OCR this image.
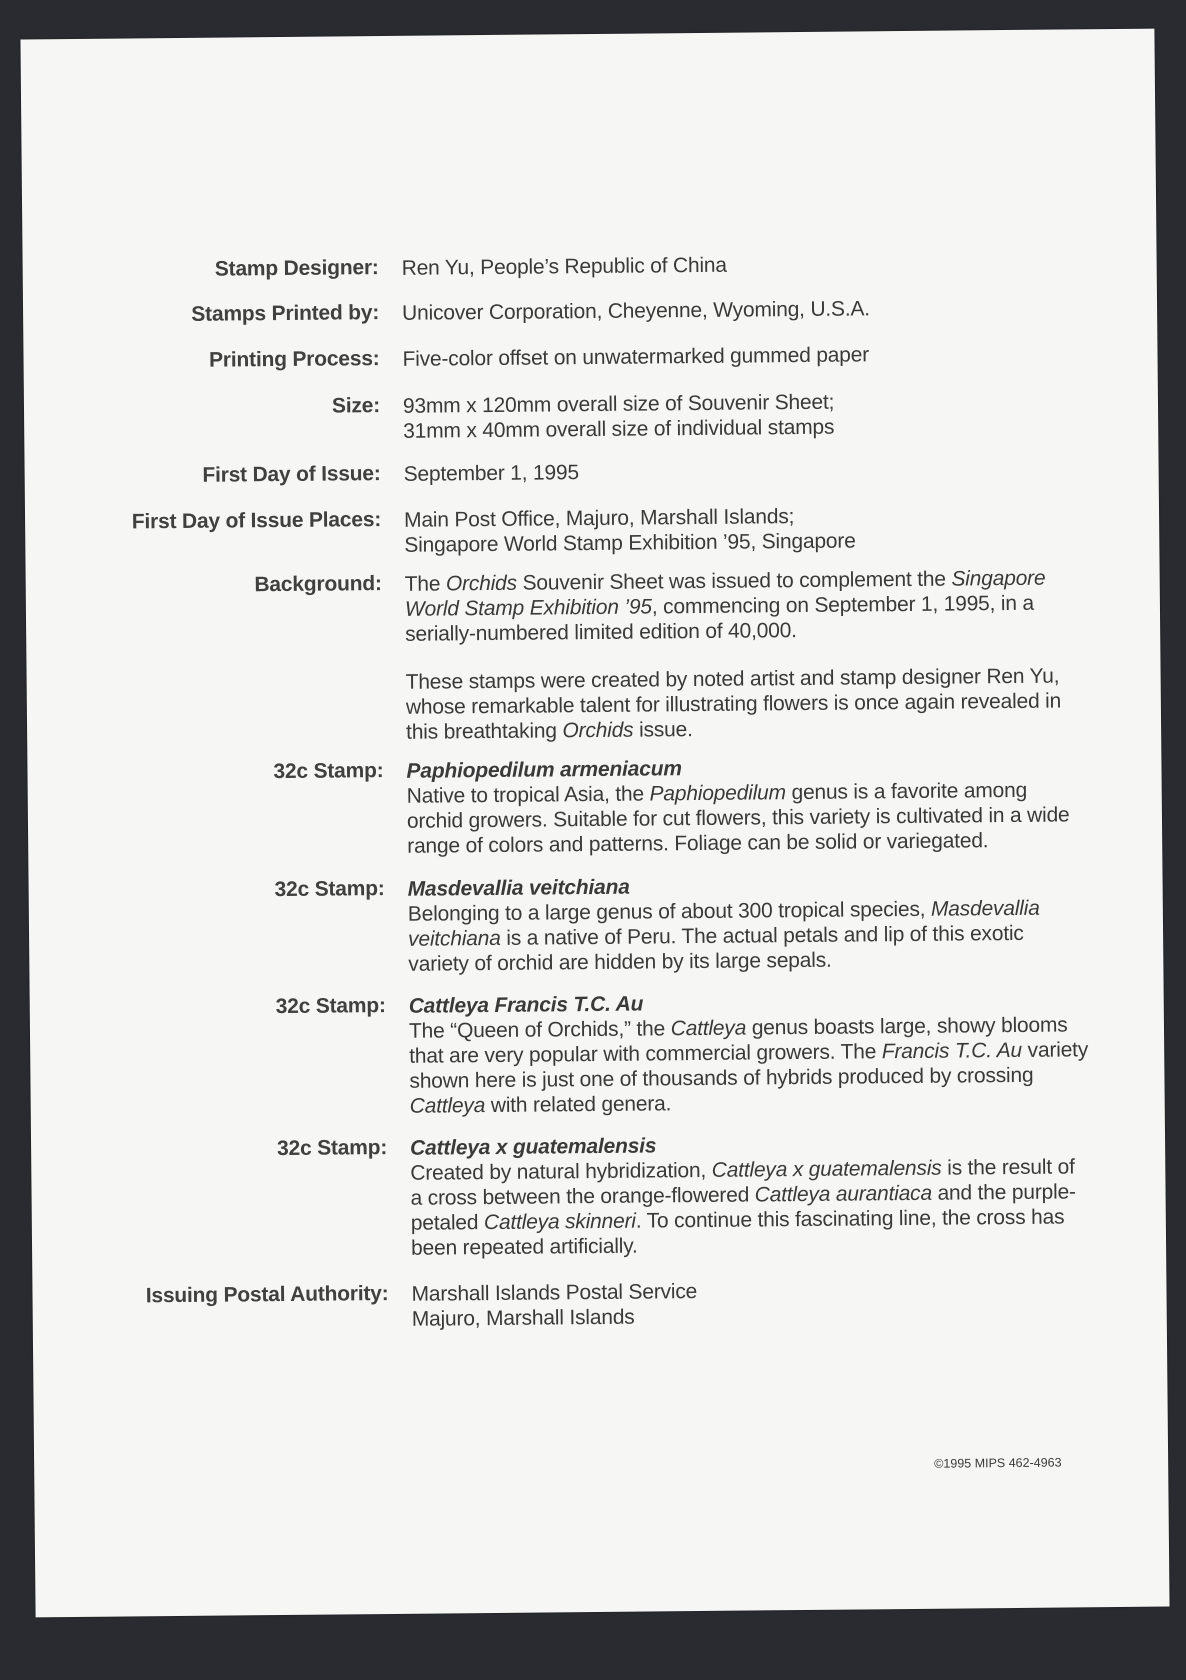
Stamp Designer: Ren Yu, People’s Republic of China
Stamps Printed by: Unicover Corporation, Cheyenne, Wyoming, U.S.A.
Printing Process: Five-color offset on unwatermarked gummed paper
Size: 93mm x 120mm overall size of Souvenir Sheet;

31mm x 40mm overall size of individual stamps

First Day of Issue: September 1, 1995
First Day of Issue Places: Main Post Office, Majuro, Marshall Islands;

Singapore World Stamp Exhibition ’95, Singapore

Background: The Orchids Souvenir Sheet was issued to complement the Singapore World Stamp Exhibition ’95, commencing on September 1, 1995, in a serially-numbered limited edition of 40,000.

These stamps were created by noted artist and stamp designer Ren Yu, whose remarkable talent for illustrating flowers is once again revealed in this breathtaking Orchids issue.

32c Stamp: Paphiopedilum armeniacum
Native to tropical Asia, the Paphiopedilum genus is a favorite among orchid growers. Suitable for cut flowers, this variety is cultivated in a wide range of colors and patterns. Foliage can be solid or variegated.
32c Stamp: Masdevallia veitchiana
Belonging to a large genus of about 300 tropical species, Masdevallia veitchiana is a native of Peru. The actual petals and lip of this exotic variety of orchid are hidden by its large sepals.
32c Stamp: Cattleya Francis T.C. Au
The “Queen of Orchids,” the Cattleya genus boasts large, showy blooms that are very popular with commercial growers. The Francis T.C. Au variety shown here is just one of thousands of hybrids produced by crossing Cattleya with related genera.
32c Stamp: Cattleya x guatemalensis
Created by natural hybridization, Cattleya x guatemalensis is the result of a cross between the orange-flowered Cattleya aurantiaca and the purple-petaled Cattleya skinneri. To continue this fascinating line, the cross has been repeated artificially.
Issuing Postal Authority: Marshall Islands Postal Service

Majuro, Marshall Islands

©1995 MIPS 462-4963
